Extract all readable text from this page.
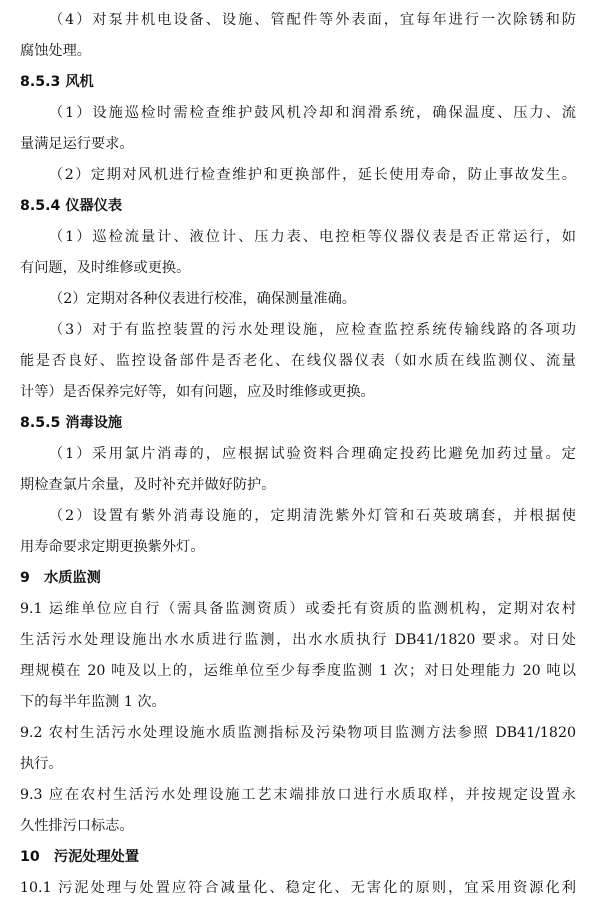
（4）对泵井机电设备、设施、管配件等外表面，宜每年进行一次除锈和防
腐蚀处理。
8.5.3 风机
（1）设施巡检时需检查维护鼓风机冷却和润滑系统，确保温度、压力、流
量满足运行要求。
（2）定期对风机进行检查维护和更换部件，延长使用寿命，防止事故发生。
8.5.4 仪器仪表
（1）巡检流量计、液位计、压力表、电控柜等仪器仪表是否正常运行，如
有问题，及时维修或更换。
（2）定期对各种仪表进行校准，确保测量准确。
（3）对于有监控装置的污水处理设施，应检查监控系统传输线路的各项功
能是否良好、监控设备部件是否老化、在线仪器仪表（如水质在线监测仪、流量
计等）是否保养完好等，如有问题，应及时维修或更换。
8.5.5 消毒设施
（1）采用氯片消毒的，应根据试验资料合理确定投药比避免加药过量。定
期检查氯片余量，及时补充并做好防护。
（2）设置有紫外消毒设施的，定期清洗紫外灯管和石英玻璃套，并根据使
用寿命要求定期更换紫外灯。
9　水质监测
9.1 运维单位应自行（需具备监测资质）或委托有资质的监测机构，定期对农村
生活污水处理设施出水水质进行监测，出水水质执行 DB41/1820 要求。对日处
理规模在 20 吨及以上的，运维单位至少每季度监测 1 次；对日处理能力 20 吨以
下的每半年监测 1 次。
9.2 农村生活污水处理设施水质监测指标及污染物项目监测方法参照 DB41/1820
执行。
9.3 应在农村生活污水处理设施工艺末端排放口进行水质取样，并按规定设置永
久性排污口标志。
10　污泥处理处置
10.1 污泥处理与处置应符合减量化、稳定化、无害化的原则，宜采用资源化利
